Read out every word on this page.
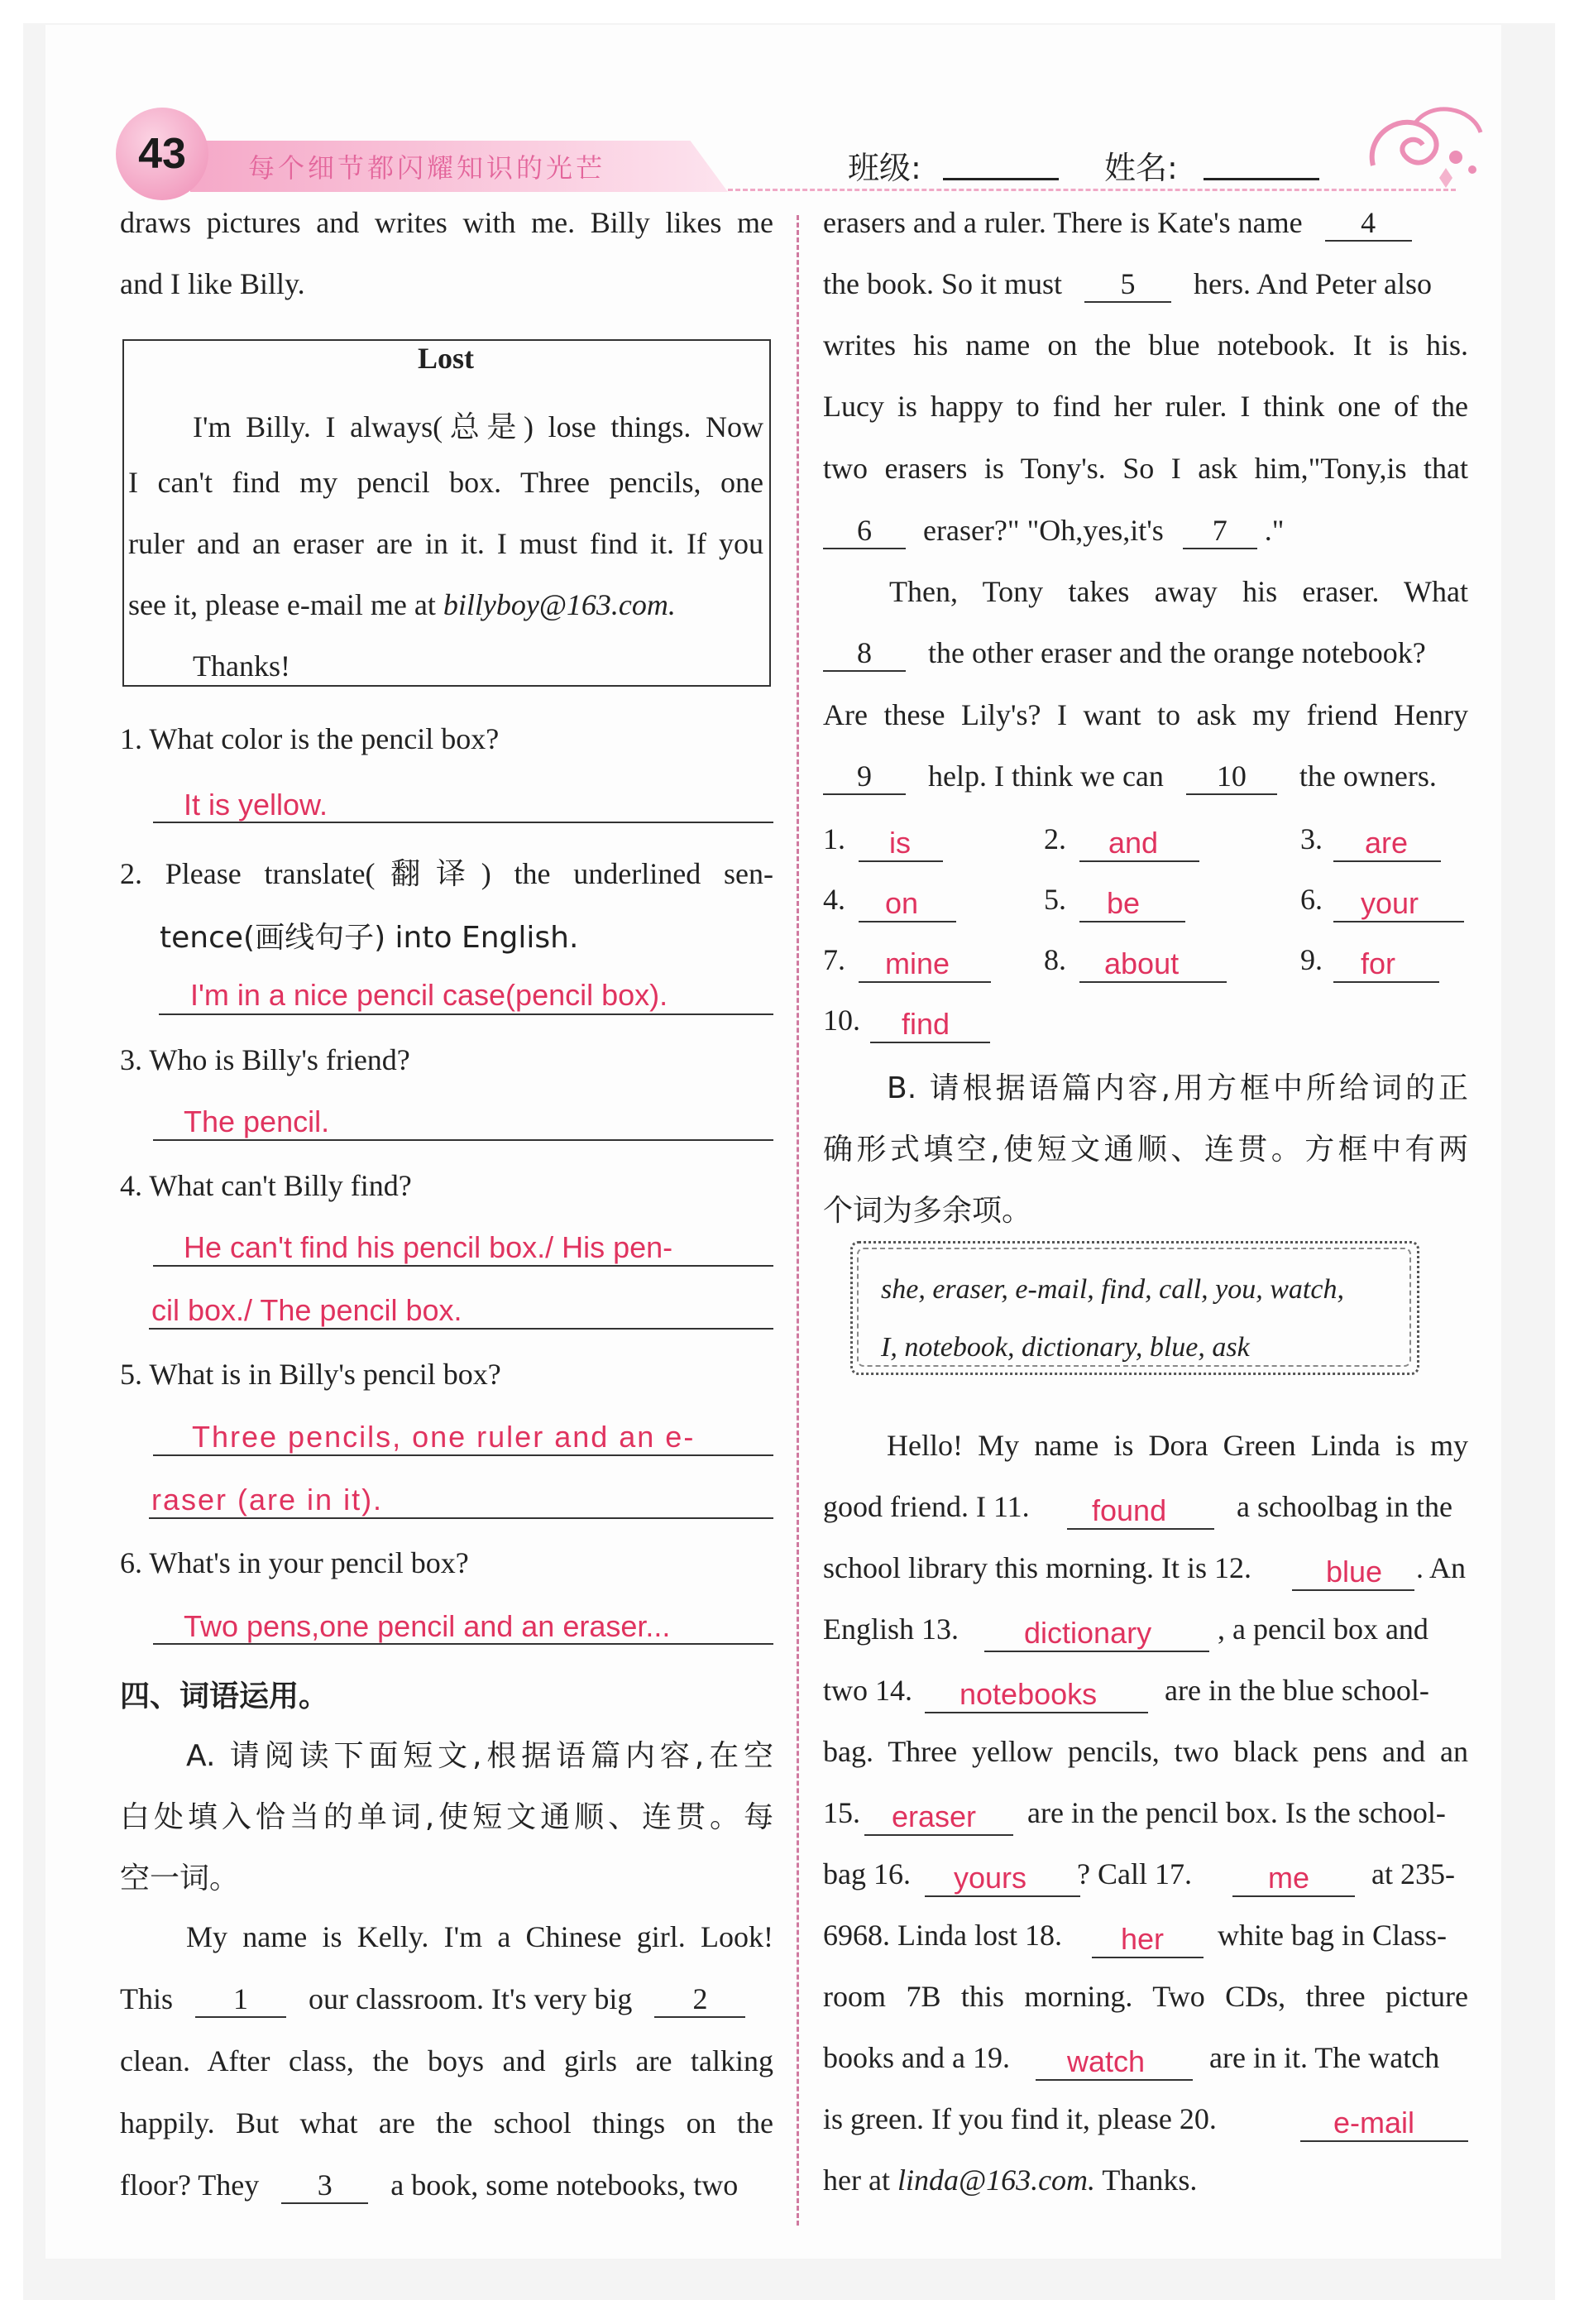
43	每个细节都闪耀知识的光芒	班级:	姓名:
draws pictures and writes with me. Billy likes me
and I like Billy.
Lost
I'm Billy. I always(总是) lose things. Now
I can't find my pencil box. Three pencils, one
ruler and an eraser are in it. I must find it. If you
see it, please e-mail me at billyboy@163.com.
Thanks!
1. What color is the pencil box?
It is yellow.
2. Please translate(翻译) the underlined sen-
tence(画线句子) into English.
I'm in a nice pencil case(pencil box).
3. Who is Billy's friend?
The pencil.
4. What can't Billy find?
He can't find his pencil box./ His pen-
cil box./ The pencil box.
5. What is in Billy's pencil box?
Three pencils, one ruler and an e-
raser (are in it).
6. What's in your pencil box?
Two pens,one pencil and an eraser...
四、词语运用。
A. 请阅读下面短文,根据语篇内容,在空
白处填入恰当的单词,使短文通顺、连贯。每
空一词。
My name is Kelly. I'm a Chinese girl. Look!
This 1 our classroom. It's very big 2
clean. After class, the boys and girls are talking
happily. But what are the school things on the
floor? They 3 a book, some notebooks, two
erasers and a ruler. There is Kate's name 4
the book. So it must 5 hers. And Peter also
writes his name on the blue notebook. It is his.
Lucy is happy to find her ruler. I think one of the
two erasers is Tony's. So I ask him,"Tony,is that
6 eraser?" "Oh,yes,it's 7 ."
Then, Tony takes away his eraser. What
8 the other eraser and the orange notebook?
Are these Lily's? I want to ask my friend Henry
9 help. I think we can 10 the owners.
1. is	2. and	3. are
4. on	5. be	6. your
7. mine	8. about	9. for
10. find
B. 请根据语篇内容,用方框中所给词的正
确形式填空,使短文通顺、连贯。方框中有两
个词为多余项。
she, eraser, e-mail, find, call, you, watch,
I, notebook, dictionary, blue, ask
Hello! My name is Dora Green Linda is my
good friend. I 11. found a schoolbag in the
school library this morning. It is 12.	blue . An
English 13. dictionary , a pencil box and
two 14. notebooks are in the blue school-
bag. Three yellow pencils, two black pens and an
15. eraser are in the pencil box. Is the school-
bag 16. yours ? Call 17.	me at 235-
6968. Linda lost 18. her white bag in Class-
room 7B this morning. Two CDs, three picture
books and a 19. watch are in it. The watch
is green. If you find it, please 20.	e-mail
her at linda@163.com. Thanks.
